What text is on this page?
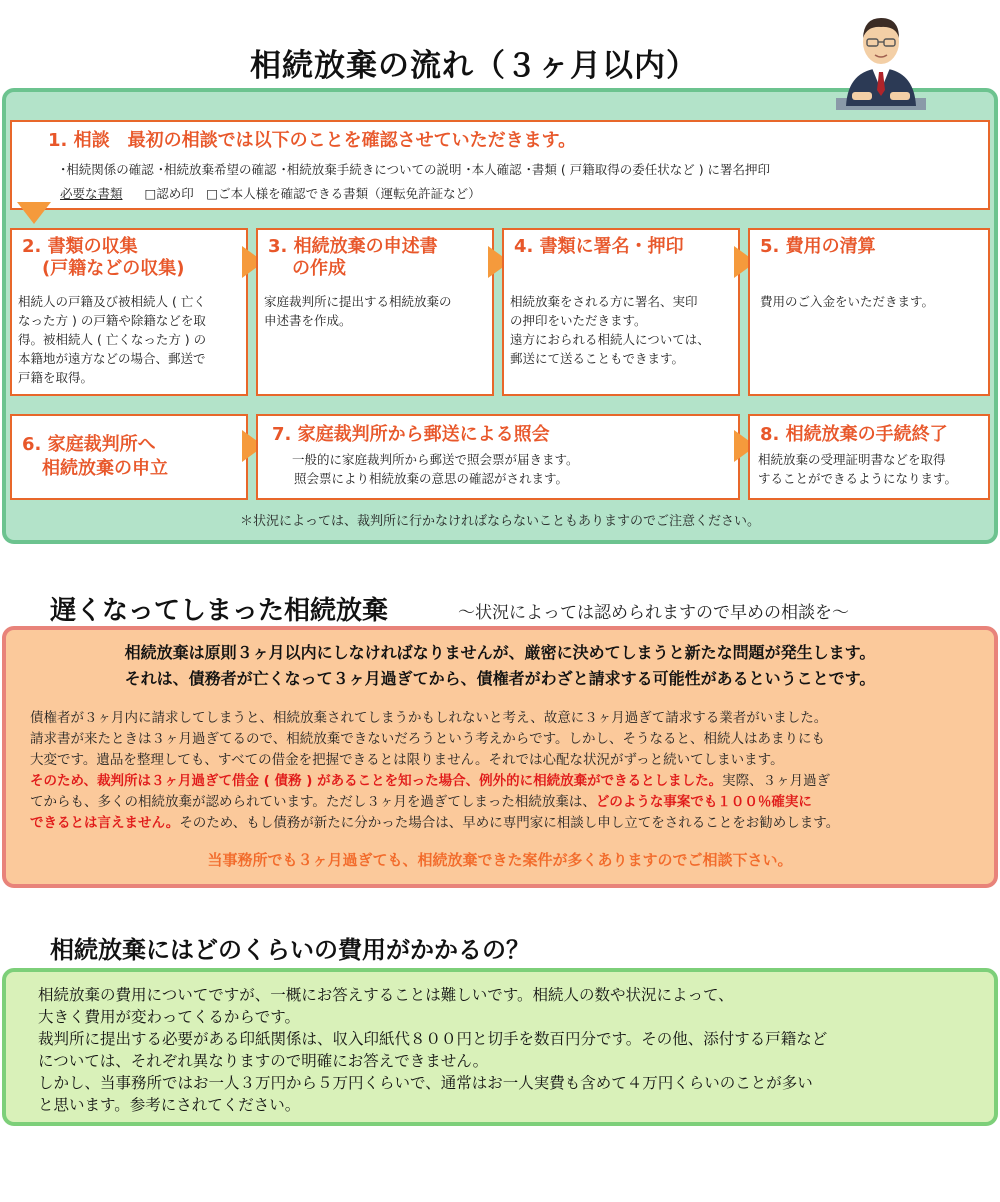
相続放棄の流れ（３ヶ月以内）
1. 相談　最初の相談では以下のことを確認させていただきます。
･相続関係の確認 ･相続放棄希望の確認 ･相続放棄手続きについての説明 ･本人確認 ･書類 ( 戸籍取得の委任状など ) に署名押印
必要な書類 □認め印　□ご本人様を確認できる書類（運転免許証など）
2. 書類の収集
(戸籍などの収集)
相続人の戸籍及び被相続人 ( 亡く
なった方 ) の戸籍や除籍などを取
得。被相続人 ( 亡くなった方 ) の
本籍地が遠方などの場合、郵送で
戸籍を取得。
3. 相続放棄の申述書
の作成
家庭裁判所に提出する相続放棄の
申述書を作成。
4. 書類に署名・押印
相続放棄をされる方に署名、実印
の押印をいただきます。
遠方におられる相続人については、
郵送にて送ることもできます。
5. 費用の清算
費用のご入金をいただきます。
6. 家庭裁判所へ
相続放棄の申立
7. 家庭裁判所から郵送による照会
一般的に家庭裁判所から郵送で照会票が届きます。
照会票により相続放棄の意思の確認がされます。
8. 相続放棄の手続終了
相続放棄の受理証明書などを取得
することができるようになります。
＊状況によっては、裁判所に行かなければならないこともありますのでご注意ください。
遅くなってしまった相続放棄	～状況によっては認められますので早めの相談を～
相続放棄は原則３ヶ月以内にしなければなりませんが、厳密に決めてしまうと新たな問題が発生します。
それは、債務者が亡くなって３ヶ月過ぎてから、債権者がわざと請求する可能性があるということです。
債権者が３ヶ月内に請求してしまうと、相続放棄されてしまうかもしれないと考え、故意に３ヶ月過ぎて請求する業者がいました。
請求書が来たときは３ヶ月過ぎてるので、相続放棄できないだろうという考えからです。しかし、そうなると、相続人はあまりにも
大変です。遺品を整理しても、すべての借金を把握できるとは限りません。それでは心配な状況がずっと続いてしまいます。
そのため、裁判所は３ヶ月過ぎて借金 ( 債務 ) があることを知った場合、例外的に相続放棄ができるとしました。実際、３ヶ月過ぎ
てからも、多くの相続放棄が認められています。ただし３ヶ月を過ぎてしまった相続放棄は、どのような事案でも１００％確実に
できるとは言えません。そのため、もし債務が新たに分かった場合は、早めに専門家に相談し申し立てをされることをお勧めします。
当事務所でも３ヶ月過ぎても、相続放棄できた案件が多くありますのでご相談下さい。
相続放棄にはどのくらいの費用がかかるの？
相続放棄の費用についてですが、一概にお答えすることは難しいです。相続人の数や状況によって、
大きく費用が変わってくるからです。
裁判所に提出する必要がある印紙関係は、収入印紙代８００円と切手を数百円分です。その他、添付する戸籍など
については、それぞれ異なりますので明確にお答えできません。
しかし、当事務所ではお一人３万円から５万円くらいで、通常はお一人実費も含めて４万円くらいのことが多い
と思います。参考にされてください。
